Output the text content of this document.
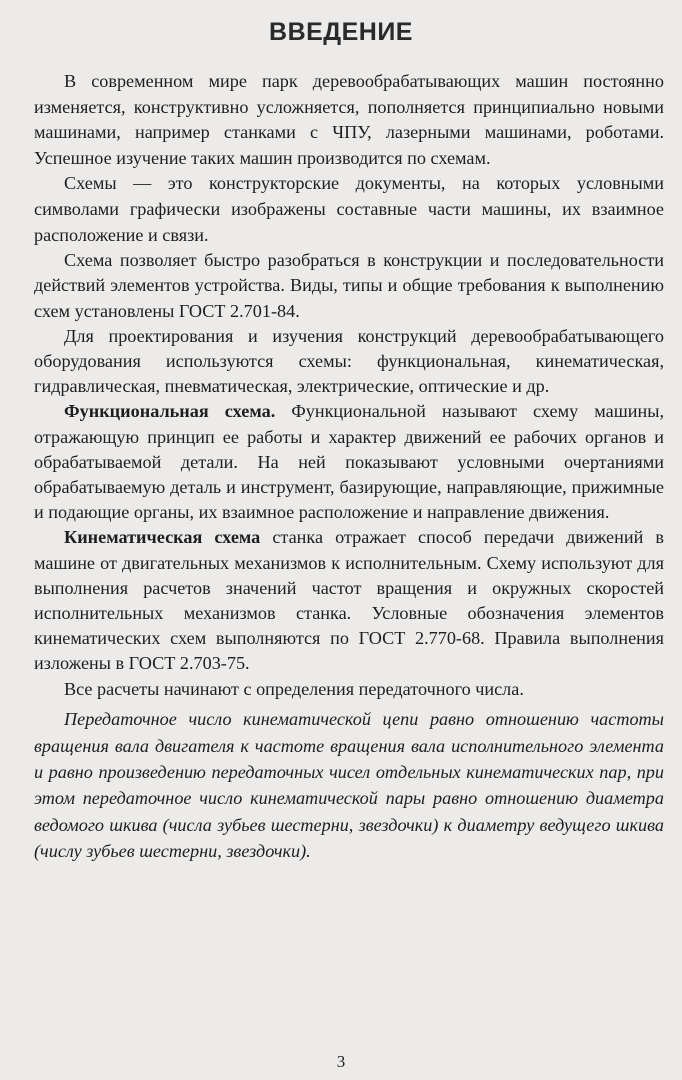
ВВЕДЕНИЕ

В современном мире парк деревообрабатывающих машин постоянно изменяется, конструктивно усложняется, пополняется принципиально новыми машинами, например станками с ЧПУ, лазерными машинами, роботами. Успешное изучение таких машин производится по схемам.

Схемы — это конструкторские документы, на которых условными символами графически изображены составные части машины, их взаимное расположение и связи.

Схема позволяет быстро разобраться в конструкции и последовательности действий элементов устройства. Виды, типы и общие требования к выполнению схем установлены ГОСТ 2.701-84.

Для проектирования и изучения конструкций деревообрабатывающего оборудования используются схемы: функциональная, кинематическая, гидравлическая, пневматическая, электрические, оптические и др.

Функциональная схема. Функциональной называют схему машины, отражающую принцип ее работы и характер движений ее рабочих органов и обрабатываемой детали. На ней показывают условными очертаниями обрабатываемую деталь и инструмент, базирующие, направляющие, прижимные и подающие органы, их взаимное расположение и направление движения.

Кинематическая схема станка отражает способ передачи движений в машине от двигательных механизмов к исполнительным. Схему используют для выполнения расчетов значений частот вращения и окружных скоростей исполнительных механизмов станка. Условные обозначения элементов кинематических схем выполняются по ГОСТ 2.770-68. Правила выполнения изложены в ГОСТ 2.703-75.

Все расчеты начинают с определения передаточного числа.

Передаточное число кинематической цепи равно отношению частоты вращения вала двигателя к частоте вращения вала исполнительного элемента и равно произведению передаточных чисел отдельных кинематических пар, при этом передаточное число кинематической пары равно отношению диаметра ведомого шкива (числа зубьев шестерни, звездочки) к диаметру ведущего шкива (числу зубьев шестерни, звездочки).

3
